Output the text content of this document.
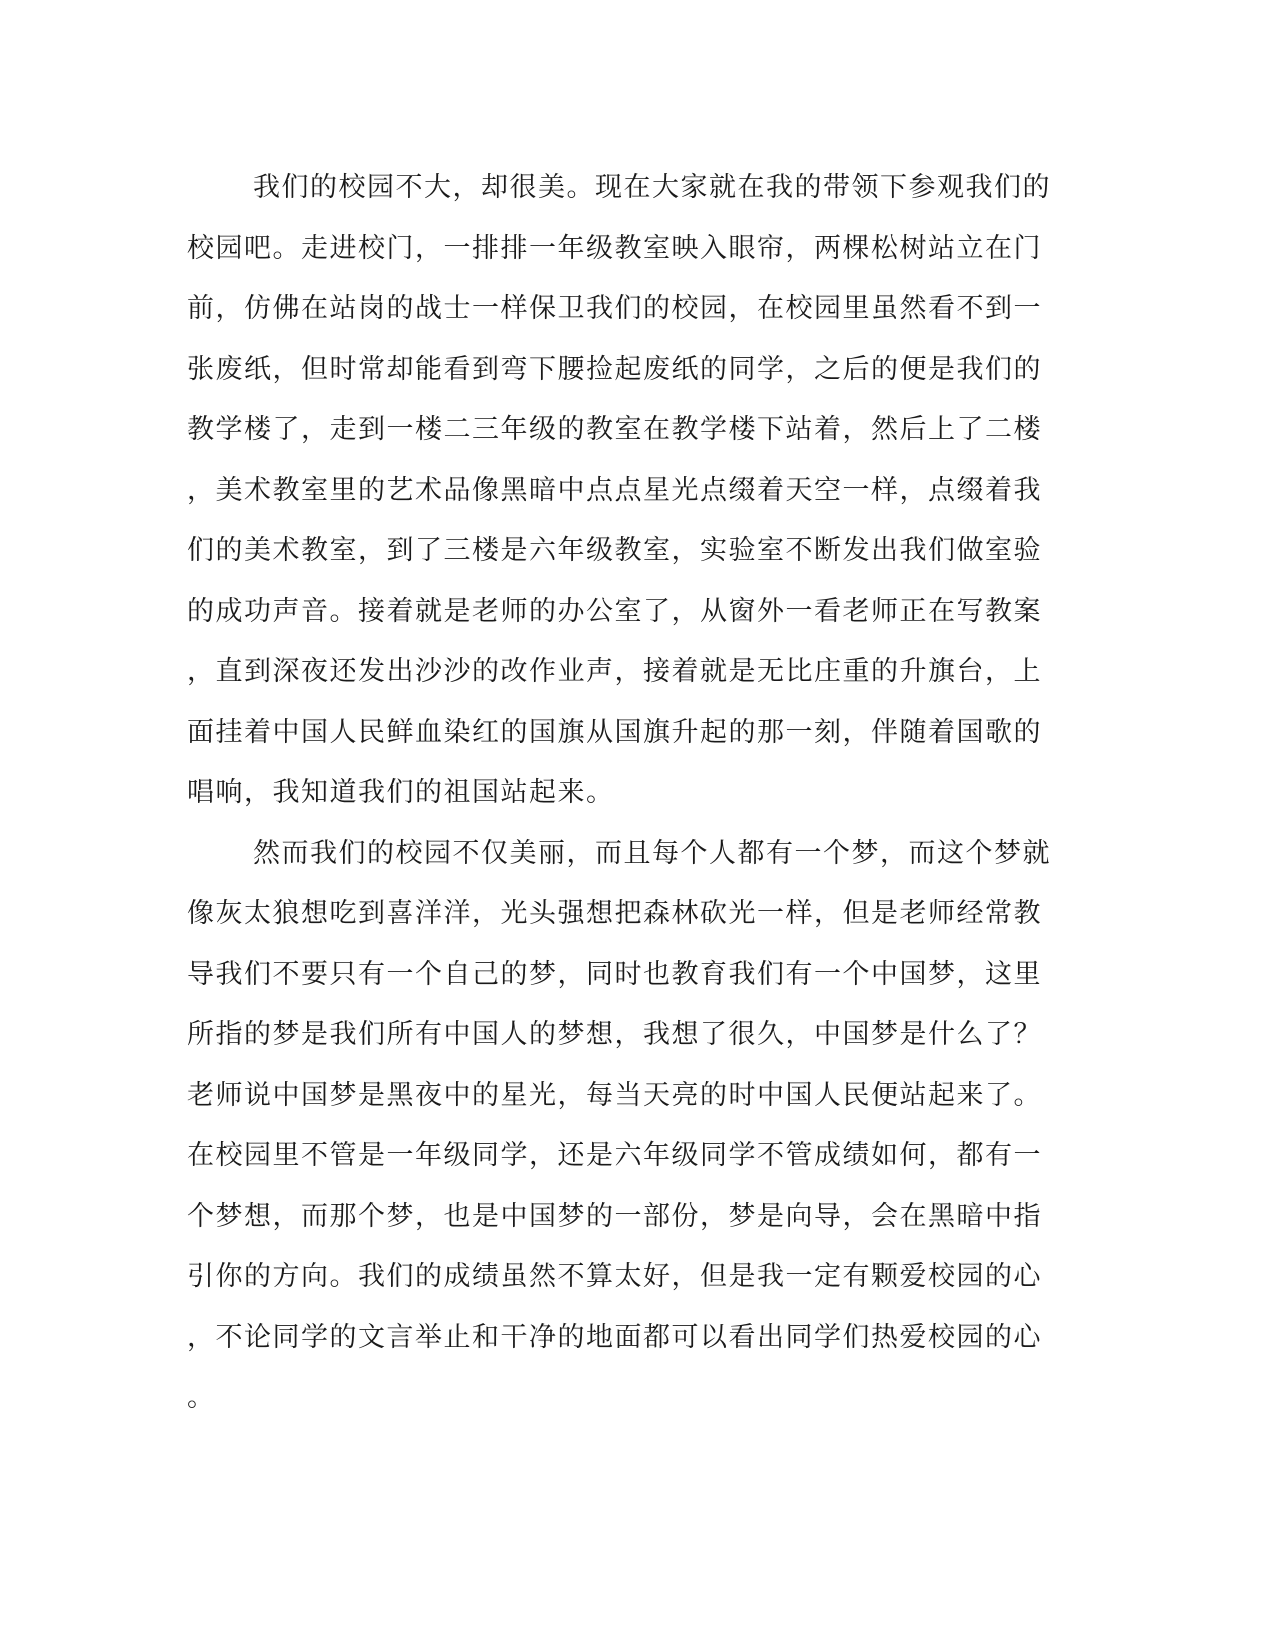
我们的校园不大，却很美。现在大家就在我的带领下参观我们的
校园吧。走进校门，一排排一年级教室映入眼帘，两棵松树站立在门
前，仿佛在站岗的战士一样保卫我们的校园，在校园里虽然看不到一
张废纸，但时常却能看到弯下腰捡起废纸的同学，之后的便是我们的
教学楼了，走到一楼二三年级的教室在教学楼下站着，然后上了二楼
，美术教室里的艺术品像黑暗中点点星光点缀着天空一样，点缀着我
们的美术教室，到了三楼是六年级教室，实验室不断发出我们做室验
的成功声音。接着就是老师的办公室了，从窗外一看老师正在写教案
，直到深夜还发出沙沙的改作业声，接着就是无比庄重的升旗台，上
面挂着中国人民鲜血染红的国旗从国旗升起的那一刻，伴随着国歌的
唱响，我知道我们的祖国站起来。
然而我们的校园不仅美丽，而且每个人都有一个梦，而这个梦就
像灰太狼想吃到喜洋洋，光头强想把森林砍光一样，但是老师经常教
导我们不要只有一个自己的梦，同时也教育我们有一个中国梦，这里
所指的梦是我们所有中国人的梦想，我想了很久，中国梦是什么了？
老师说中国梦是黑夜中的星光，每当天亮的时中国人民便站起来了。
在校园里不管是一年级同学，还是六年级同学不管成绩如何，都有一
个梦想，而那个梦，也是中国梦的一部份，梦是向导，会在黑暗中指
引你的方向。我们的成绩虽然不算太好，但是我一定有颗爱校园的心
，不论同学的文言举止和干净的地面都可以看出同学们热爱校园的心
。
